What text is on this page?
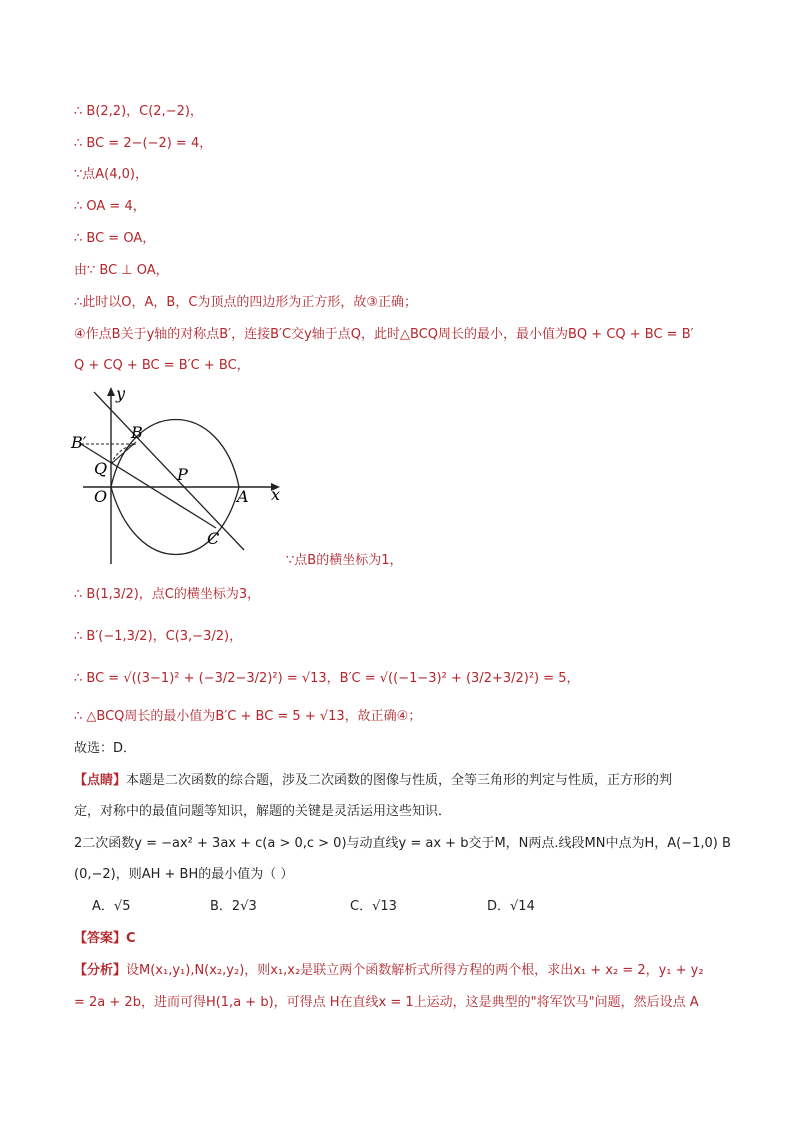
∴ B(2,2)，C(2,−2)，
∴ BC = 2−(−2) = 4，
∵点A(4,0)，
∴ OA = 4，
∴ BC = OA，
由∵ BC ⊥ OA，
∴此时以O，A，B，C为顶点的四边形为正方形，故③正确；
④作点B关于y轴的对称点B′，连接B′C交y轴于点Q，此时△BCQ周长的最小，最小值为BQ + CQ + BC = B′
Q + CQ + BC = B′C + BC，
y
x
B
B′
Q	P
O	A
C
∵点B的横坐标为1，
∴ B(1,3/2)，点C的横坐标为3，
∴ B′(−1,3/2)，C(3,−3/2)，
∴ BC = √((3−1)² + (−3/2−3/2)²) = √13，B′C = √((−1−3)² + (3/2+3/2)²) = 5，
∴ △BCQ周长的最小值为B′C + BC = 5 + √13，故正确④；
故选：D．
【点睛】本题是二次函数的综合题，涉及二次函数的图像与性质，全等三角形的判定与性质，正方形的判
定，对称中的最值问题等知识，解题的关键是灵活运用这些知识．
2二次函数y = −ax² + 3ax + c(a > 0,c > 0)与动直线y = ax + b交于M，N两点.线段MN中点为H，A(−1,0) B
(0,−2)，则AH + BH的最小值为（ ）
A．√5	B．2√3	C．√13	D．√14
【答案】C
【分析】设M(x₁,y₁),N(x₂,y₂)，则x₁,x₂是联立两个函数解析式所得方程的两个根，求出x₁ + x₂ = 2，y₁ + y₂
= 2a + 2b，进而可得H(1,a + b)，可得点 H在直线x = 1上运动，这是典型的"将军饮马"问题，然后设点 A
